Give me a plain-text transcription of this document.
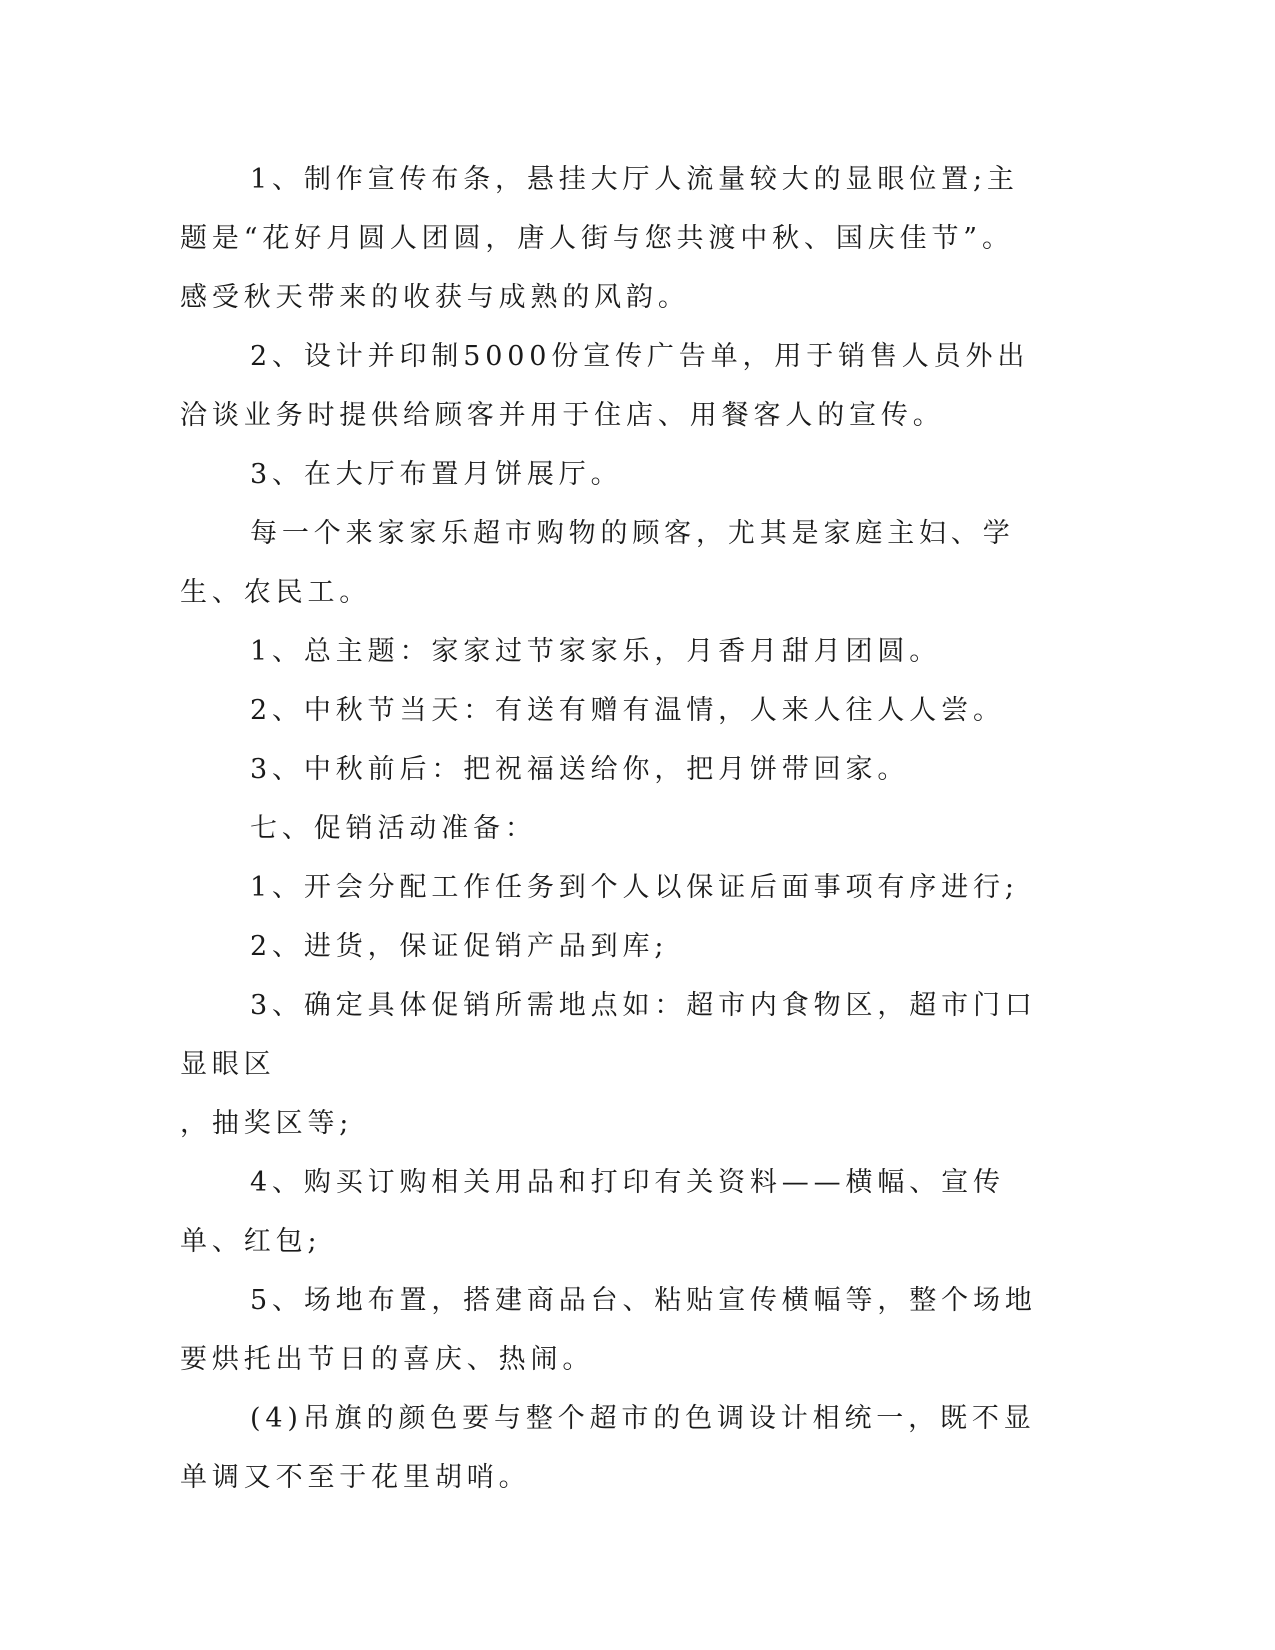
1、制作宣传布条，悬挂大厅人流量较大的显眼位置;主题是“花好月圆人团圆，唐人街与您共渡中秋、国庆佳节”。感受秋天带来的收获与成熟的风韵。

2、设计并印制5000份宣传广告单，用于销售人员外出洽谈业务时提供给顾客并用于住店、用餐客人的宣传。

3、在大厅布置月饼展厅。

每一个来家家乐超市购物的顾客，尤其是家庭主妇、学生、农民工。

1、总主题：家家过节家家乐，月香月甜月团圆。

2、中秋节当天：有送有赠有温情，人来人往人人尝。

3、中秋前后：把祝福送给你，把月饼带回家。

七、促销活动准备：

1、开会分配工作任务到个人以保证后面事项有序进行;

2、进货，保证促销产品到库;

3、确定具体促销所需地点如：超市内食物区，超市门口显眼区

，抽奖区等;

4、购买订购相关用品和打印有关资料——横幅、宣传单、红包;

5、场地布置，搭建商品台、粘贴宣传横幅等，整个场地要烘托出节日的喜庆、热闹。

(4)吊旗的颜色要与整个超市的色调设计相统一，既不显单调又不至于花里胡哨。
